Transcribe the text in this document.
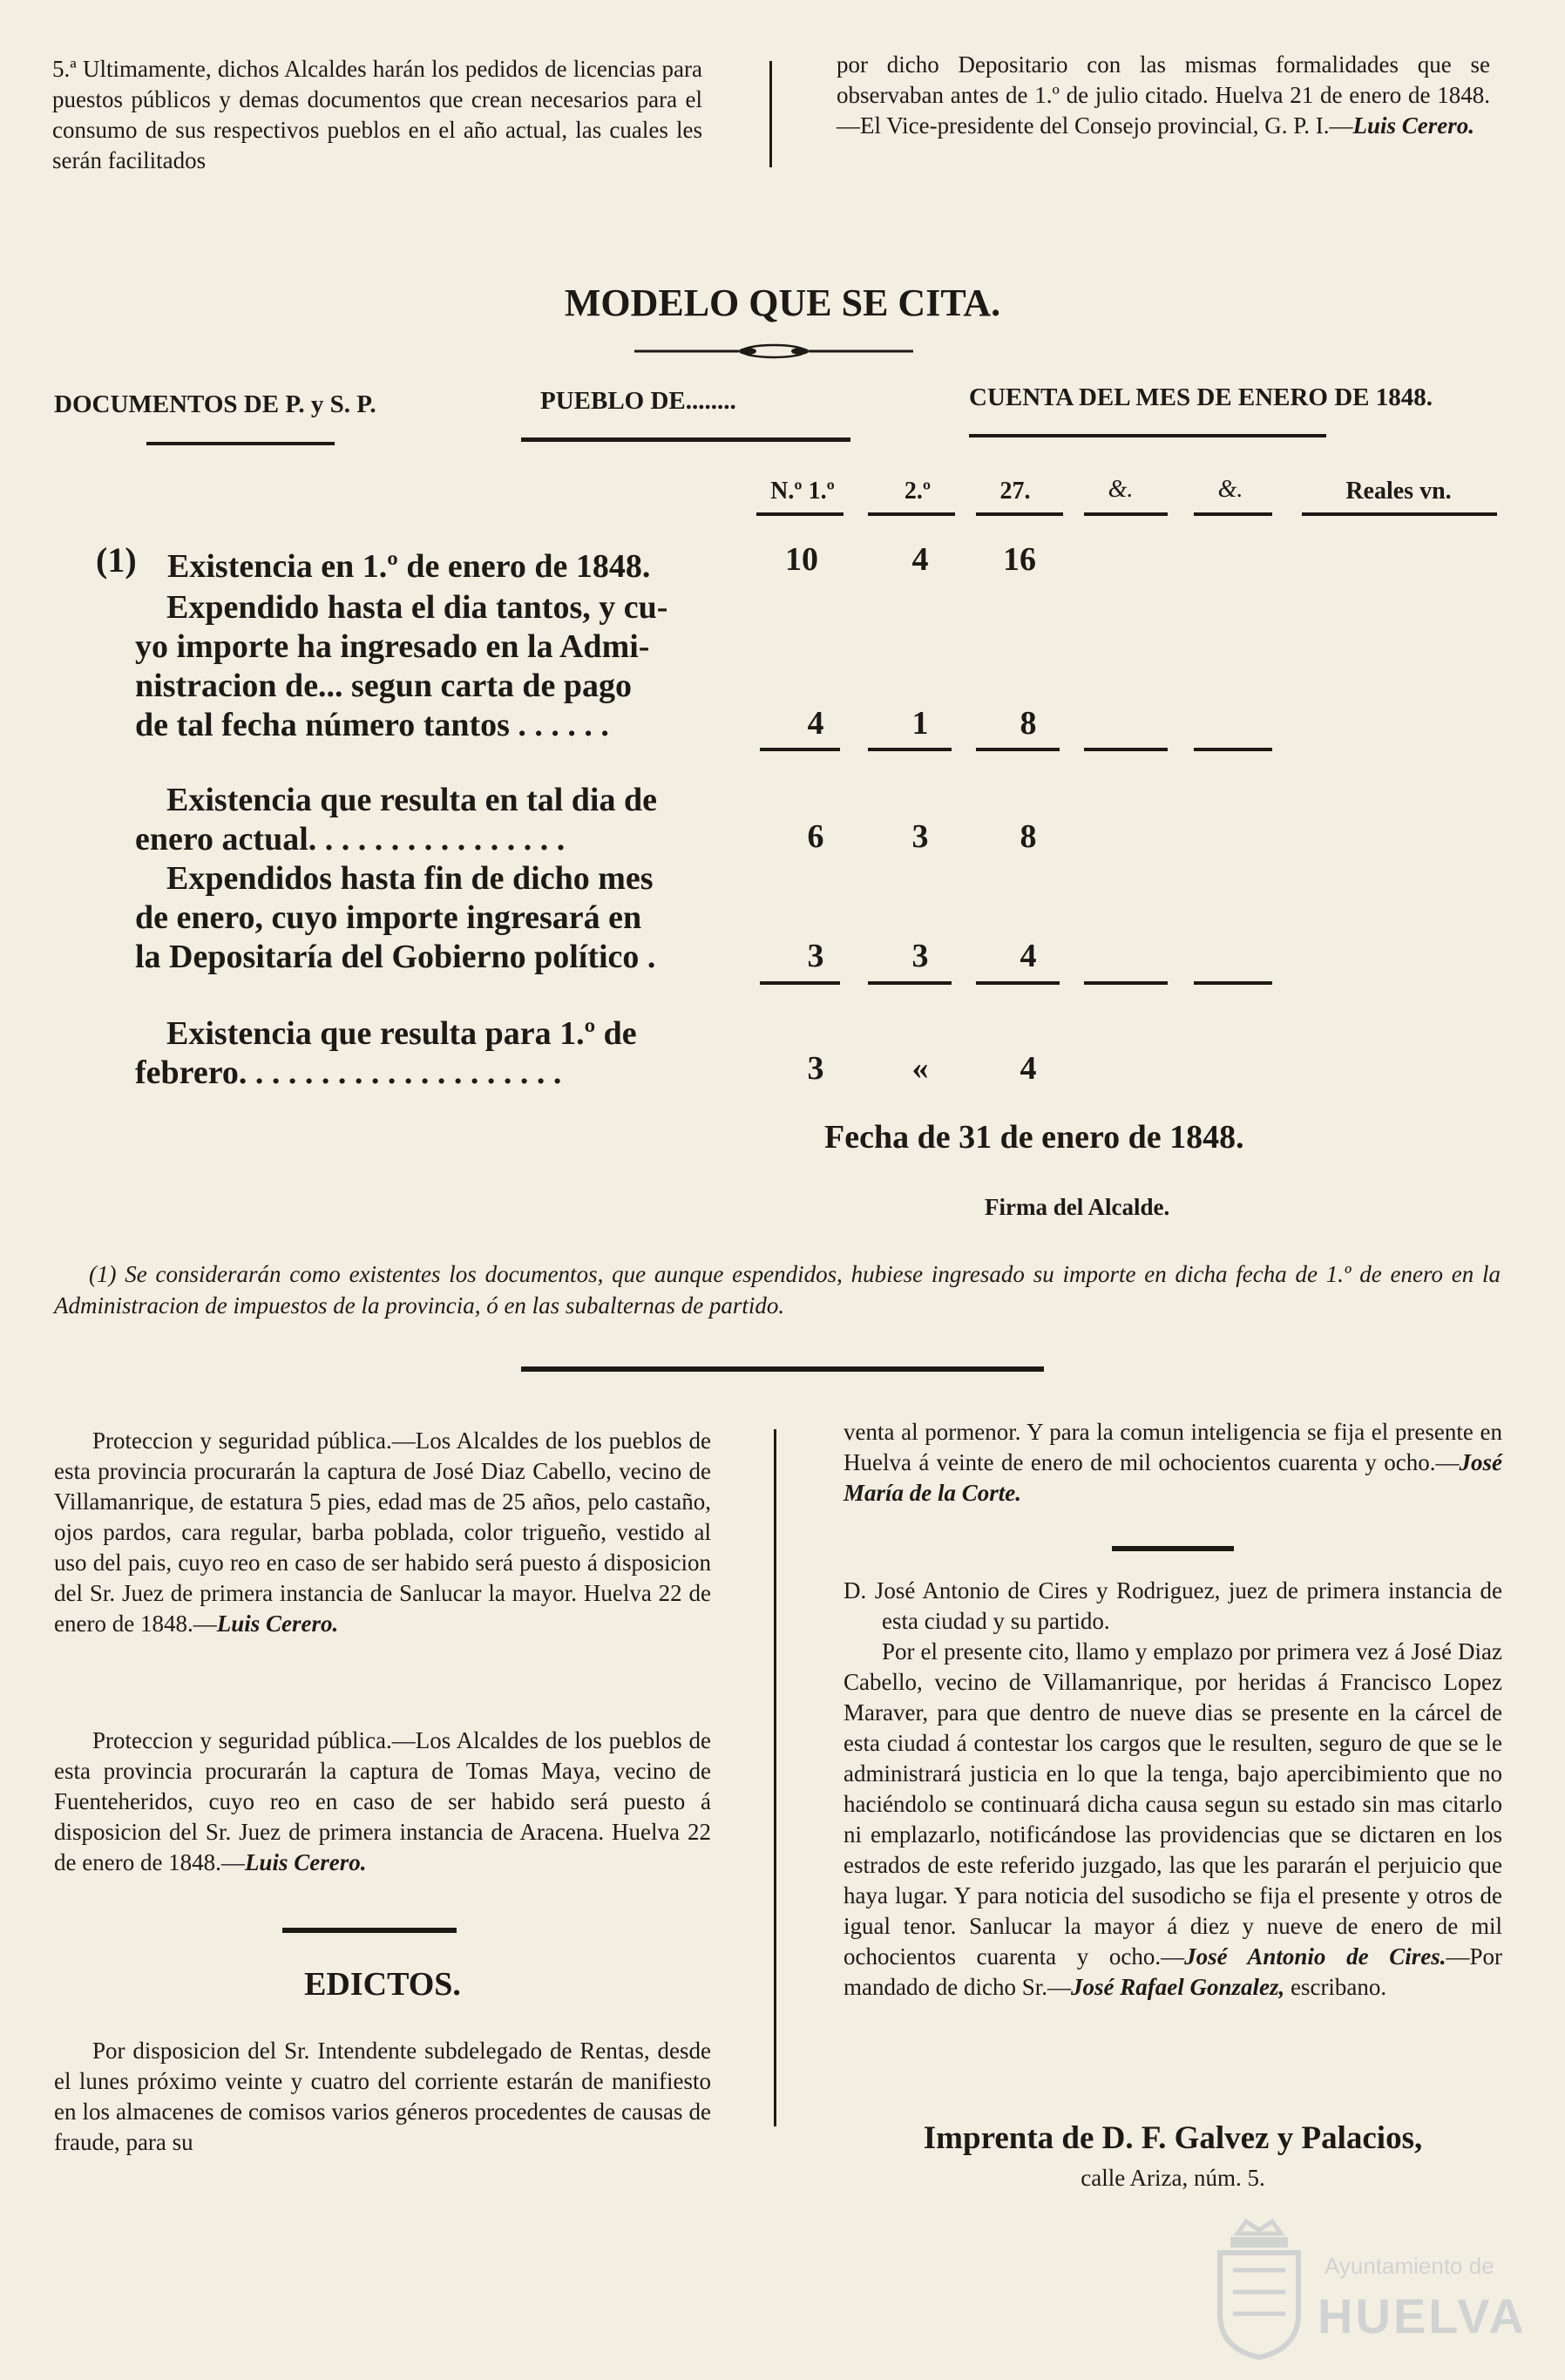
5.ª Ultimamente, dichos Alcaldes harán los pedidos de licencias para puestos públicos y demas documentos que crean necesarios para el consumo de sus respectivos pueblos en el año actual, las cuales les serán facilitados
por dicho Depositario con las mismas formalidades que se observaban antes de 1.º de julio citado. Huelva 21 de enero de 1848.—El Vice-presidente del Consejo provincial, G. P. I.—Luis Cerero.
MODELO QUE SE CITA.
DOCUMENTOS DE P. y S. P.	PUEBLO DE........	CUENTA DEL MES DE ENERO DE 1848.
N.º 1.º	2.º	27.	&.	&.	Reales vn.
(1) Existencia en 1.º de enero de 1848.	10	4	16
Expendido hasta el dia tantos, y cu-
yo importe ha ingresado en la Admi-
nistracion de... segun carta de pago
de tal fecha número tantos . . . . . .	4	1	8
Existencia que resulta en tal dia de
enero actual. . . . . . . . . . . . . . . .	6	3	8
Expendidos hasta fin de dicho mes
de enero, cuyo importe ingresará en
la Depositaría del Gobierno político .	3	3	4
Existencia que resulta para 1.º de
febrero. . . . . . . . . . . . . . . . . . . .	3	«	4
Fecha de 31 de enero de 1848.
Firma del Alcalde.
(1) Se considerarán como existentes los documentos, que aunque espendidos, hubiese ingresado su importe en dicha fecha de 1.º de enero en la Administracion de impuestos de la provincia, ó en las subalternas de partido.
Proteccion y seguridad pública.—Los Alcaldes de los pueblos de esta provincia procurarán la captura de José Diaz Cabello, vecino de Villamanrique, de estatura 5 pies, edad mas de 25 años, pelo castaño, ojos pardos, cara regular, barba poblada, color trigueño, vestido al uso del pais, cuyo reo en caso de ser habido será puesto á disposicion del Sr. Juez de primera instancia de Sanlucar la mayor. Huelva 22 de enero de 1848.—Luis Cerero.
Proteccion y seguridad pública.—Los Alcaldes de los pueblos de esta provincia procurarán la captura de Tomas Maya, vecino de Fuenteheridos, cuyo reo en caso de ser habido será puesto á disposicion del Sr. Juez de primera instancia de Aracena. Huelva 22 de enero de 1848.—Luis Cerero.
EDICTOS.
Por disposicion del Sr. Intendente subdelegado de Rentas, desde el lunes próximo veinte y cuatro del corriente estarán de manifiesto en los almacenes de comisos varios géneros procedentes de causas de fraude, para su
venta al pormenor. Y para la comun inteligencia se fija el presente en Huelva á veinte de enero de mil ochocientos cuarenta y ocho.—José María de la Corte.
D. José Antonio de Cires y Rodriguez, juez de primera instancia de esta ciudad y su partido.
Por el presente cito, llamo y emplazo por primera vez á José Diaz Cabello, vecino de Villamanrique, por heridas á Francisco Lopez Maraver, para que dentro de nueve dias se presente en la cárcel de esta ciudad á contestar los cargos que le resulten, seguro de que se le administrará justicia en lo que la tenga, bajo apercibimiento que no haciéndolo se continuará dicha causa segun su estado sin mas citarlo ni emplazarlo, notificándose las providencias que se dictaren en los estrados de este referido juzgado, las que les pararán el perjuicio que haya lugar. Y para noticia del susodicho se fija el presente y otros de igual tenor. Sanlucar la mayor á diez y nueve de enero de mil ochocientos cuarenta y ocho.—José Antonio de Cires.—Por mandado de dicho Sr.—José Rafael Gonzalez, escribano.
Imprenta de D. F. Galvez y Palacios,
calle Ariza, núm. 5.
Ayuntamiento de
HUELVA
